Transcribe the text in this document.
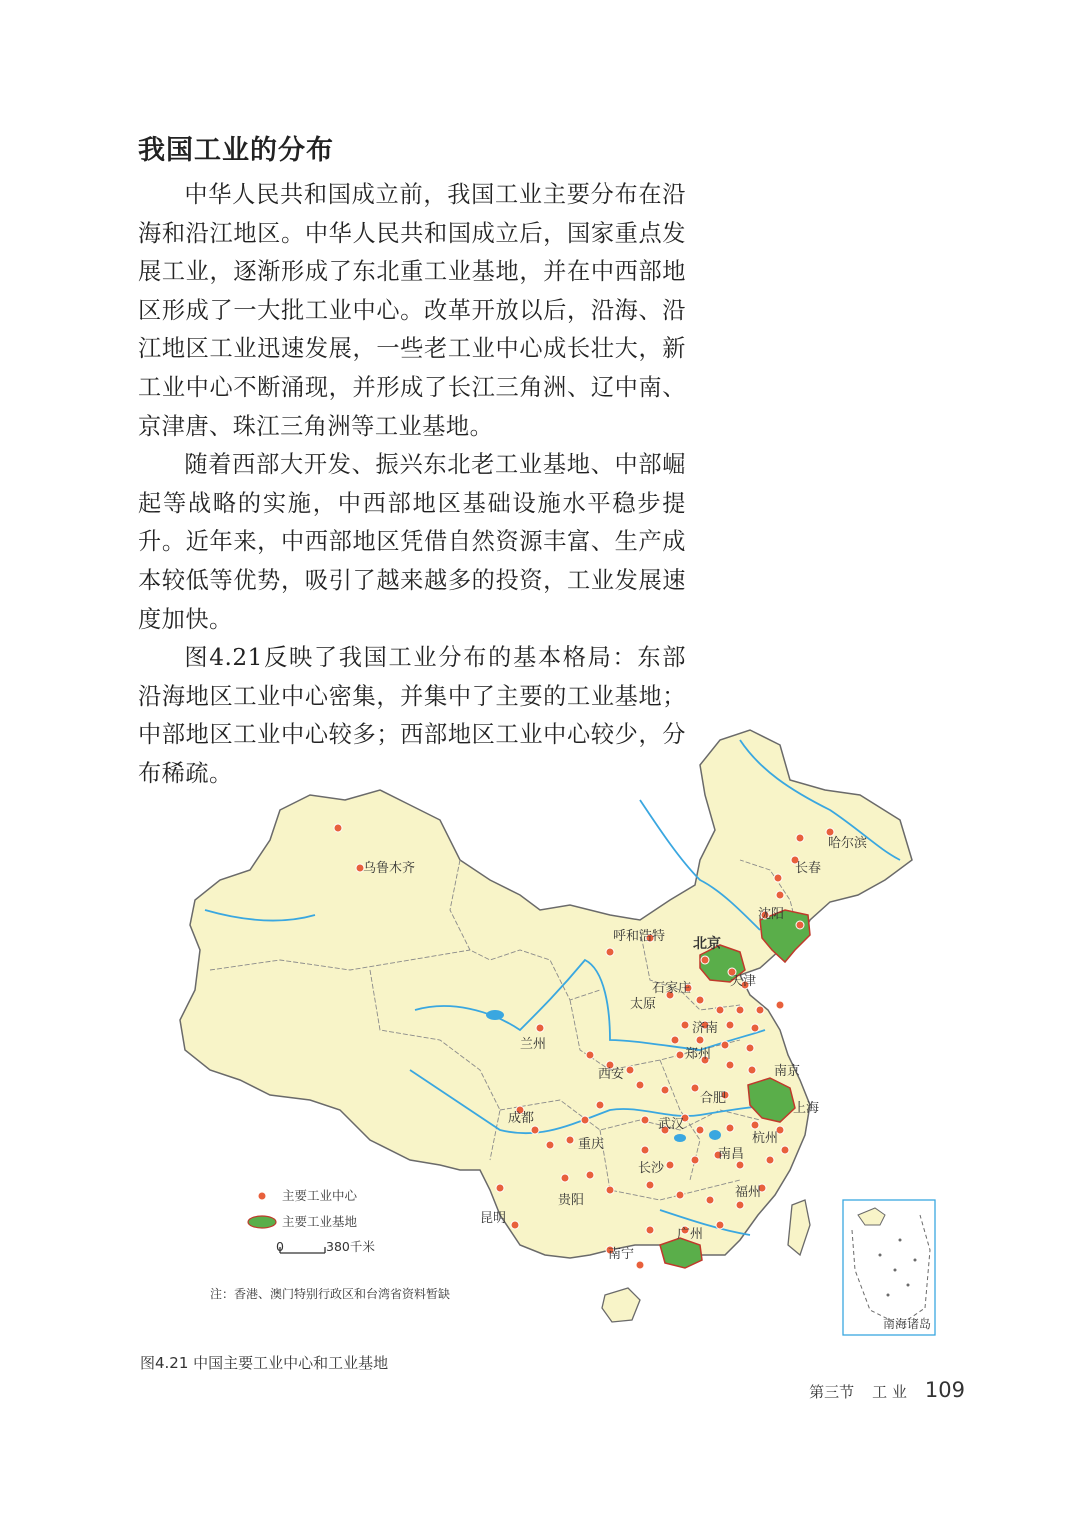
我国工业的分布

中华人民共和国成立前，我国工业主要分布在沿海和沿江地区。中华人民共和国成立后，国家重点发展工业，逐渐形成了东北重工业基地，并在中西部地区形成了一大批工业中心。改革开放以后，沿海、沿江地区工业迅速发展，一些老工业中心成长壮大，新工业中心不断涌现，并形成了长江三角洲、辽中南、京津唐、珠江三角洲等工业基地。

随着西部大开发、振兴东北老工业基地、中部崛起等战略的实施，中西部地区基础设施水平稳步提升。近年来，中西部地区凭借自然资源丰富、生产成本较低等优势，吸引了越来越多的投资，工业发展速度加快。

图4.21反映了我国工业分布的基本格局：东部沿海地区工业中心密集，并集中了主要的工业基地；中部地区工业中心较多；西部地区工业中心较少，分布稀疏。

乌鲁木齐
哈尔滨
长春
沈阳
呼和浩特 北京
天津
石家庄
太原
济南
郑州
兰州
西安	南京
合肥
上海
成都	武汉
杭州
重庆
南昌
长沙
福州
贵阳
昆明
广州
南宁
主要工业中心
主要工业基地
0	380千米
注：香港、澳门特别行政区和台湾省资料暂缺
南海诸岛
图4.21 中国主要工业中心和工业基地
第三节 工 业 109
